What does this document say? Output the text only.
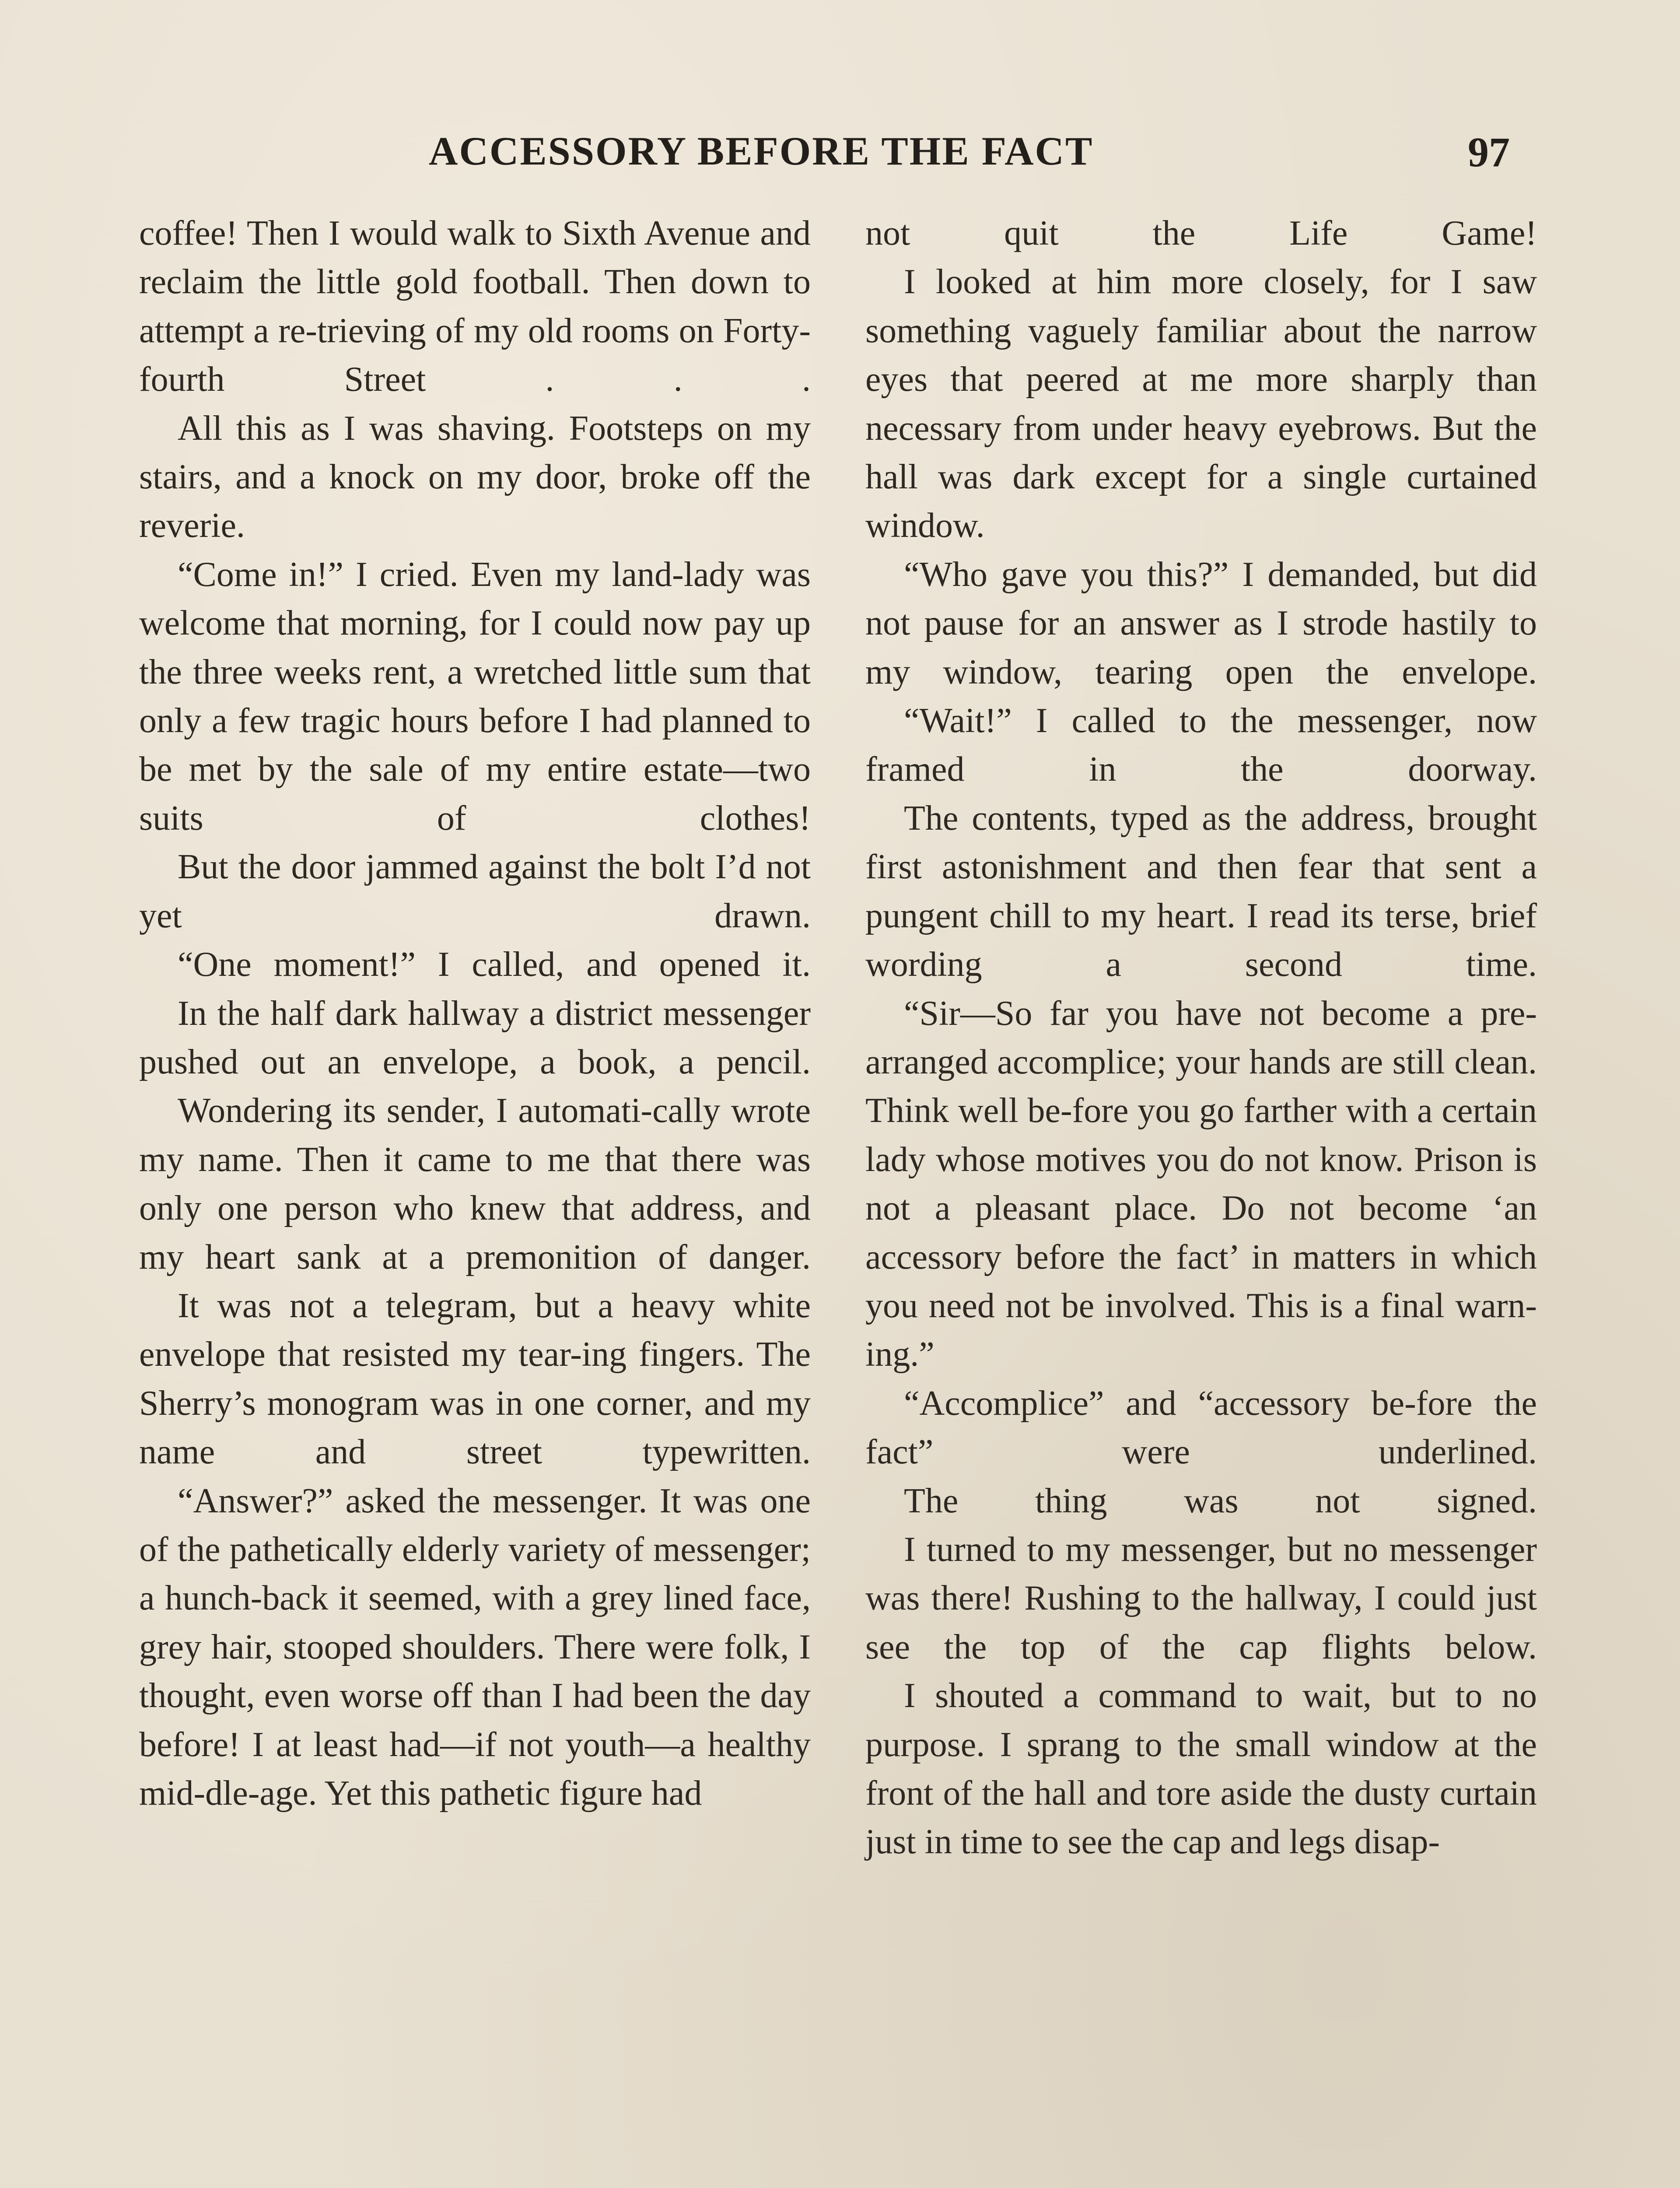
ACCESSORY BEFORE THE FACT	97

coffee! Then I would walk to Sixth Avenue and reclaim the little gold football. Then down to attempt a re-trieving of my old rooms on Forty-fourth Street . . .

All this as I was shaving. Footsteps on my stairs, and a knock on my door, broke off the reverie.

“Come in!” I cried. Even my land-lady was welcome that morning, for I could now pay up the three weeks rent, a wretched little sum that only a few tragic hours before I had planned to be met by the sale of my entire estate—two suits of clothes!

But the door jammed against the bolt I’d not yet drawn.

“One moment!” I called, and opened it.

In the half dark hallway a district messenger pushed out an envelope, a book, a pencil.

Wondering its sender, I automati-cally wrote my name. Then it came to me that there was only one person who knew that address, and my heart sank at a premonition of danger.

It was not a telegram, but a heavy white envelope that resisted my tear-ing fingers. The Sherry’s monogram was in one corner, and my name and street typewritten.

“Answer?” asked the messenger. It was one of the pathetically elderly variety of messenger; a hunch-back it seemed, with a grey lined face, grey hair, stooped shoulders. There were folk, I thought, even worse off than I had been the day before! I at least had—if not youth—a healthy mid-dle-age. Yet this pathetic figure had

not quit the Life Game!

I looked at him more closely, for I saw something vaguely familiar about the narrow eyes that peered at me more sharply than necessary from under heavy eyebrows. But the hall was dark except for a single curtained window.

“Who gave you this?” I demanded, but did not pause for an answer as I strode hastily to my window, tearing open the envelope.

“Wait!” I called to the messenger, now framed in the doorway.

The contents, typed as the address, brought first astonishment and then fear that sent a pungent chill to my heart. I read its terse, brief wording a second time.

“Sir—So far you have not become a pre-arranged accomplice; your hands are still clean. Think well be-fore you go farther with a certain lady whose motives you do not know. Prison is not a pleasant place. Do not become ‘an accessory before the fact’ in matters in which you need not be involved. This is a final warn-ing.”

“Accomplice” and “accessory be-fore the fact” were underlined.

The thing was not signed.

I turned to my messenger, but no messenger was there! Rushing to the hallway, I could just see the top of the cap flights below.

I shouted a command to wait, but to no purpose. I sprang to the small window at the front of the hall and tore aside the dusty curtain just in time to see the cap and legs disap-
